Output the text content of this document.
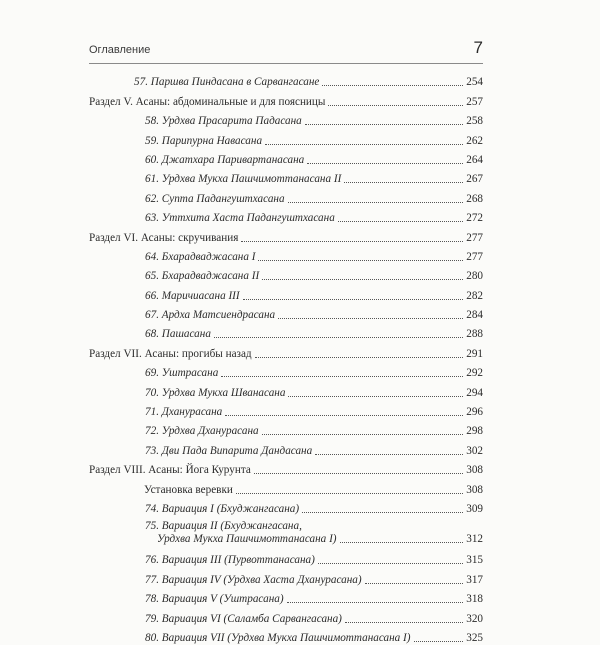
Оглавление	7
57. Паршва Пиндасана в Сарвангасане	254
Раздел V. Асаны: абдоминальные и для поясницы	257
58. Урдхва Прасарита Падасана	258
59. Парипурна Навасана	262
60. Джатхара Паривартанасана	264
61. Урдхва Мукха Пашчимоттанасана II	267
62. Супта Падангуштхасана	268
63. Уттхита Хаста Падангуштхасана	272
Раздел VI. Асаны: скручивания	277
64. Бхарадваджасана I	277
65. Бхарадваджасана II	280
66. Маричиасана III	282
67. Ардха Матсиендрасана	284
68. Пашасана	288
Раздел VII. Асаны: прогибы назад	291
69. Уштрасана	292
70. Урдхва Мукха Шванасана	294
71. Дханурасана	296
72. Урдхва Дханурасана	298
73. Дви Пада Випарита Дандасана	302
Раздел VIII. Асаны: Йога Курунта	308
Установка веревки	308
74. Вариация I (Бхуджангасана)	309
75. Вариация II (Бхуджангасана,
Урдхва Мукха Пашчимоттанасана I)	312
76. Вариация III (Пурвоттанасана)	315
77. Вариация IV (Урдхва Хаста Дханурасана)	317
78. Вариация V (Уштрасана)	318
79. Вариация VI (Саламба Сарвангасана)	320
80. Вариация VII (Урдхва Мукха Пашчимоттанасана I)	325
